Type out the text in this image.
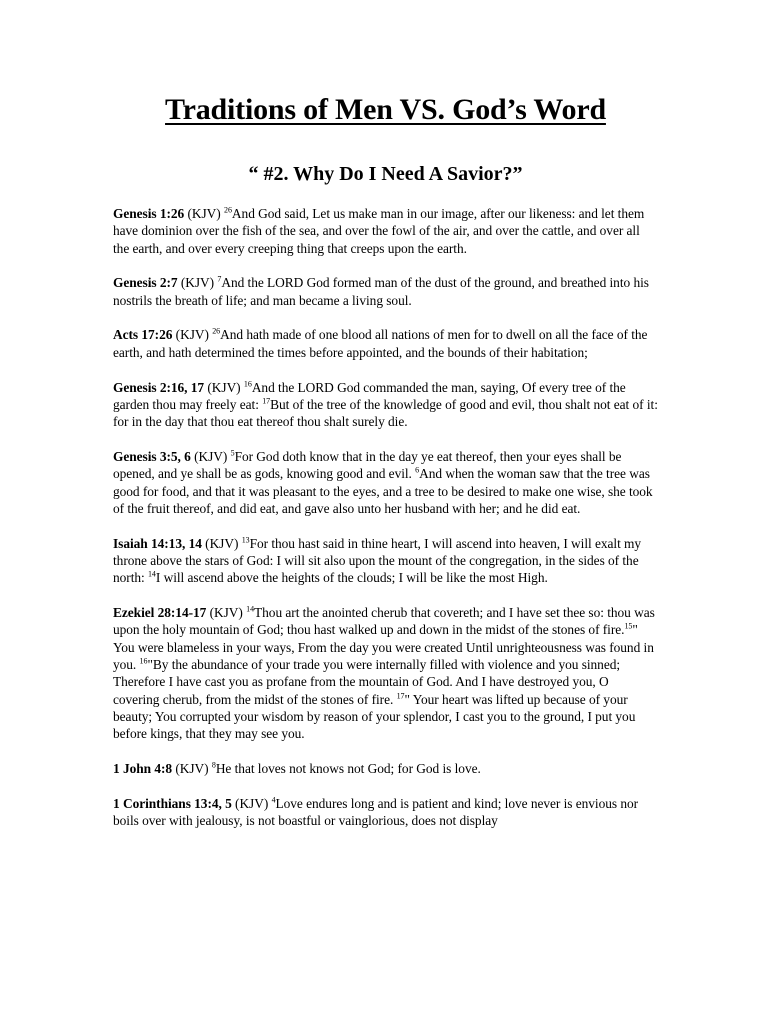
Traditions of Men VS. God’s Word
“ #2. Why Do I Need A Savior?”

Genesis 1:26 (KJV) $^{26}$And God said, Let us make man in our image, after our likeness: and let them have dominion over the fish of the sea, and over the fowl of the air, and over the cattle, and over all the earth, and over every creeping thing that creeps upon the earth.

Genesis 2:7 (KJV) $^7$And the LORD God formed man of the dust of the ground, and breathed into his nostrils the breath of life; and man became a living soul.

Acts 17:26 (KJV) $^{26}$And hath made of one blood all nations of men for to dwell on all the face of the earth, and hath determined the times before appointed, and the bounds of their habitation;

Genesis 2:16, 17 (KJV) $^{16}$And the LORD God commanded the man, saying, Of every tree of the garden thou may freely eat: $^{17}$But of the tree of the knowledge of good and evil, thou shalt not eat of it: for in the day that thou eat thereof thou shalt surely die.

Genesis 3:5, 6 (KJV) $^5$For God doth know that in the day ye eat thereof, then your eyes shall be opened, and ye shall be as gods, knowing good and evil. $^6$And when the woman saw that the tree was good for food, and that it was pleasant to the eyes, and a tree to be desired to make one wise, she took of the fruit thereof, and did eat, and gave also unto her husband with her; and he did eat.

Isaiah 14:13, 14 (KJV) $^{13}$For thou hast said in thine heart, I will ascend into heaven, I will exalt my throne above the stars of God: I will sit also upon the mount of the congregation, in the sides of the north: $^{14}$I will ascend above the heights of the clouds; I will be like the most High.

Ezekiel 28:14-17 (KJV) $^{14}$Thou art the anointed cherub that covereth; and I have set thee so: thou was upon the holy mountain of God; thou hast walked up and down in the midst of the stones of fire.$^{15}$" You were blameless in your ways, From the day you were created Until unrighteousness was found in you. $^{16}$"By the abundance of your trade you were internally filled with violence and you sinned; Therefore I have cast you as profane from the mountain of God. And I have destroyed you, O covering cherub, from the midst of the stones of fire. $^{17}$" Your heart was lifted up because of your beauty; You corrupted your wisdom by reason of your splendor, I cast you to the ground, I put you before kings, that they may see you.

1 John 4:8 (KJV) $^8$He that loves not knows not God; for God is love.

1 Corinthians 13:4, 5 (KJV) $^4$Love endures long and is patient and kind; love never is envious nor boils over with jealousy, is not boastful or vainglorious, does not display
